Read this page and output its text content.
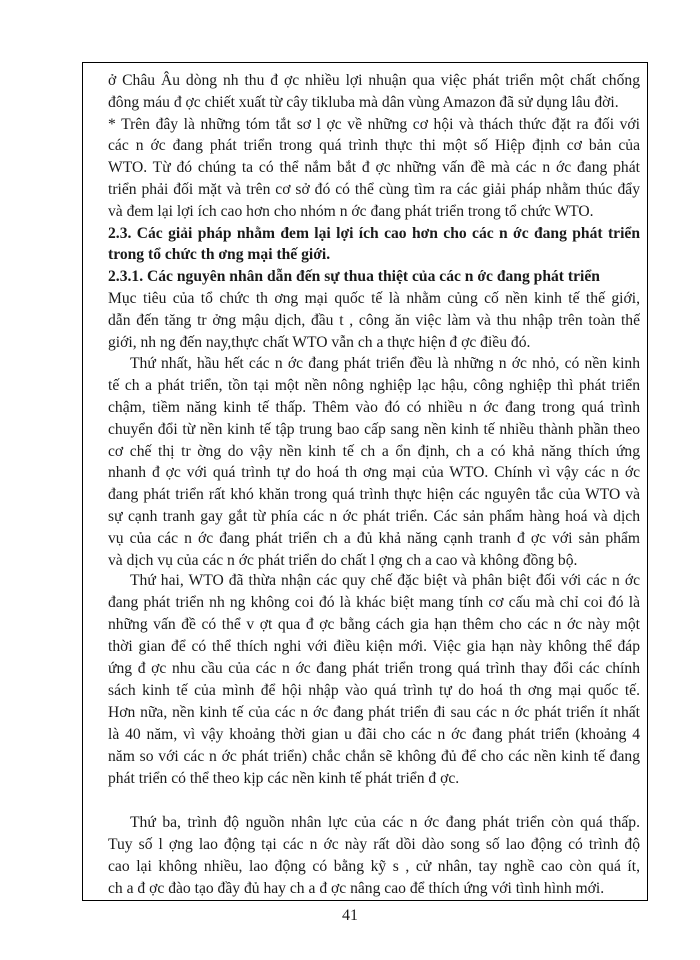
ở Châu Âu dòng nh thu đ ợc nhiều lợi nhuận qua việc phát triển một chất chống
đông máu đ ợc chiết xuất từ cây tikluba mà dân vùng Amazon đã sử dụng lâu đời.
* Trên đây là những tóm tắt sơ l ợc về những cơ hội và thách thức đặt ra đối với
các n ớc đang phát triển trong quá trình thực thi một số Hiệp định cơ bản của
WTO. Từ đó chúng ta có thể nắm bắt đ ợc những vấn đề mà các n ớc đang phát
triển phải đối mặt và trên cơ sở đó có thể cùng tìm ra các giải pháp nhằm thúc đẩy
và đem lại lợi ích cao hơn cho nhóm n ớc đang phát triển trong tổ chức WTO.
2.3. Các giải pháp nhằm đem lại lợi ích cao hơn cho các n ớc đang phát triển
trong tổ chức th ơng mại thế giới.
2.3.1. Các nguyên nhân dẫn đến sự thua thiệt của các n ớc đang phát triển
Mục tiêu của tổ chức th ơng mại quốc tế là nhằm củng cố nền kinh tế thế giới,
dẫn đến tăng tr ởng mậu dịch, đầu t , công ăn việc làm và thu nhập trên toàn thế
giới, nh ng đến nay,thực chất WTO vẫn ch a thực hiện đ ợc điều đó.
Thứ nhất, hầu hết các n ớc đang phát triển đều là những n ớc nhỏ, có nền kinh
tế ch a phát triển, tồn tại một nền nông nghiệp lạc hậu, công nghiệp thì phát triển
chậm, tiềm năng kinh tế thấp. Thêm vào đó có nhiều n ớc đang trong quá trình
chuyển đổi từ nền kinh tế tập trung bao cấp sang nền kinh tế nhiều thành phần theo
cơ chế thị tr ờng do vậy nền kinh tế ch a ổn định, ch a có khả năng thích ứng
nhanh đ ợc với quá trình tự do hoá th ơng mại của WTO. Chính vì vậy các n ớc
đang phát triển rất khó khăn trong quá trình thực hiện các nguyên tắc của WTO và
sự cạnh tranh gay gắt từ phía các n ớc phát triển. Các sản phẩm hàng hoá và dịch
vụ của các n ớc đang phát triển ch a đủ khả năng cạnh tranh đ ợc với sản phẩm
và dịch vụ của các n ớc phát triển do chất l ợng ch a cao và không đồng bộ.
Thứ hai, WTO đã thừa nhận các quy chế đặc biệt và phân biệt đối với các n ớc
đang phát triển nh ng không coi đó là khác biệt mang tính cơ cấu mà chỉ coi đó là
những vấn đề có thể v ợt qua đ ợc bằng cách gia hạn thêm cho các n ớc này một
thời gian để có thể thích nghi với điều kiện mới. Việc gia hạn này không thể đáp
ứng đ ợc nhu cầu của các n ớc đang phát triển trong quá trình thay đổi các chính
sách kinh tế của mình để hội nhập vào quá trình tự do hoá th ơng mại quốc tế.
Hơn nữa, nền kinh tế của các n ớc đang phát triển đi sau các n ớc phát triển ít nhất
là 40 năm, vì vậy khoảng thời gian u đãi cho các n ớc đang phát triển (khoảng 4
năm so với các n ớc phát triển) chắc chắn sẽ không đủ để cho các nền kinh tế đang
phát triển có thể theo kịp các nền kinh tế phát triển đ ợc.
Thứ ba, trình độ nguồn nhân lực của các n ớc đang phát triển còn quá thấp.
Tuy số l ợng lao động tại các n ớc này rất dồi dào song số lao động có trình độ
cao lại không nhiều, lao động có bằng kỹ s , cử nhân, tay nghề cao còn quá ít,
ch a đ ợc đào tạo đầy đủ hay ch a đ ợc nâng cao để thích ứng với tình hình mới.
41
